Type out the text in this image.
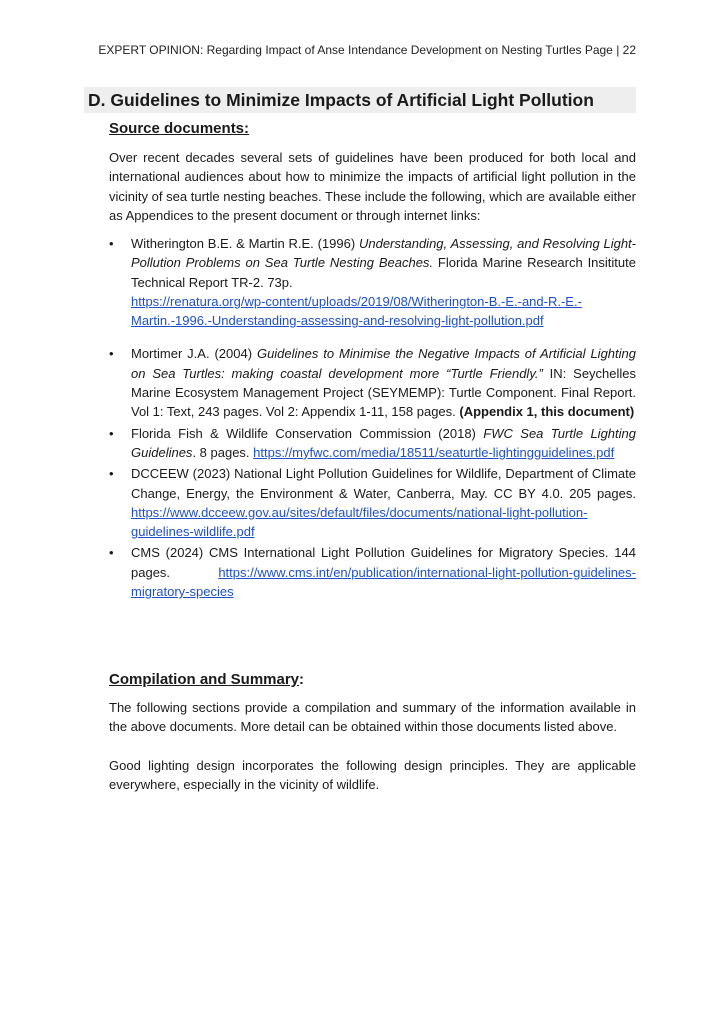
EXPERT OPINION: Regarding Impact of Anse Intendance Development on Nesting Turtles Page | 22
D. Guidelines to Minimize Impacts of Artificial Light Pollution
Source documents:
Over recent decades several sets of guidelines have been produced for both local and international audiences about how to minimize the impacts of artificial light pollution in the vicinity of sea turtle nesting beaches. These include the following, which are available either as Appendices to the present document or through internet links:
•	Witherington B.E. & Martin R.E. (1996) Understanding, Assessing, and Resolving Light-Pollution Problems on Sea Turtle Nesting Beaches. Florida Marine Research Insititute Technical Report TR-2. 73p.
https://renatura.org/wp-content/uploads/2019/08/Witherington-B.-E.-and-R.-E.-Martin.-1996.-Understanding-assessing-and-resolving-light-pollution.pdf
•	Mortimer J.A. (2004) Guidelines to Minimise the Negative Impacts of Artificial Lighting on Sea Turtles: making coastal development more “Turtle Friendly.” IN: Seychelles Marine Ecosystem Management Project (SEYMEMP): Turtle Component. Final Report. Vol 1: Text, 243 pages. Vol 2: Appendix 1-11, 158 pages. (Appendix 1, this document)
•	Florida Fish & Wildlife Conservation Commission (2018) FWC Sea Turtle Lighting Guidelines. 8 pages. https://myfwc.com/media/18511/seaturtle-lightingguidelines.pdf
•	DCCEEW (2023) National Light Pollution Guidelines for Wildlife, Department of Climate Change, Energy, the Environment & Water, Canberra, May. CC BY 4.0. 205 pages. https://www.dcceew.gov.au/sites/default/files/documents/national-light-pollution-guidelines-wildlife.pdf
•	CMS (2024) CMS International Light Pollution Guidelines for Migratory Species. 144 pages. https://www.cms.int/en/publication/international-light-pollution-guidelines-migratory-species
Compilation and Summary:
The following sections provide a compilation and summary of the information available in the above documents. More detail can be obtained within those documents listed above.
Good lighting design incorporates the following design principles. They are applicable everywhere, especially in the vicinity of wildlife.
